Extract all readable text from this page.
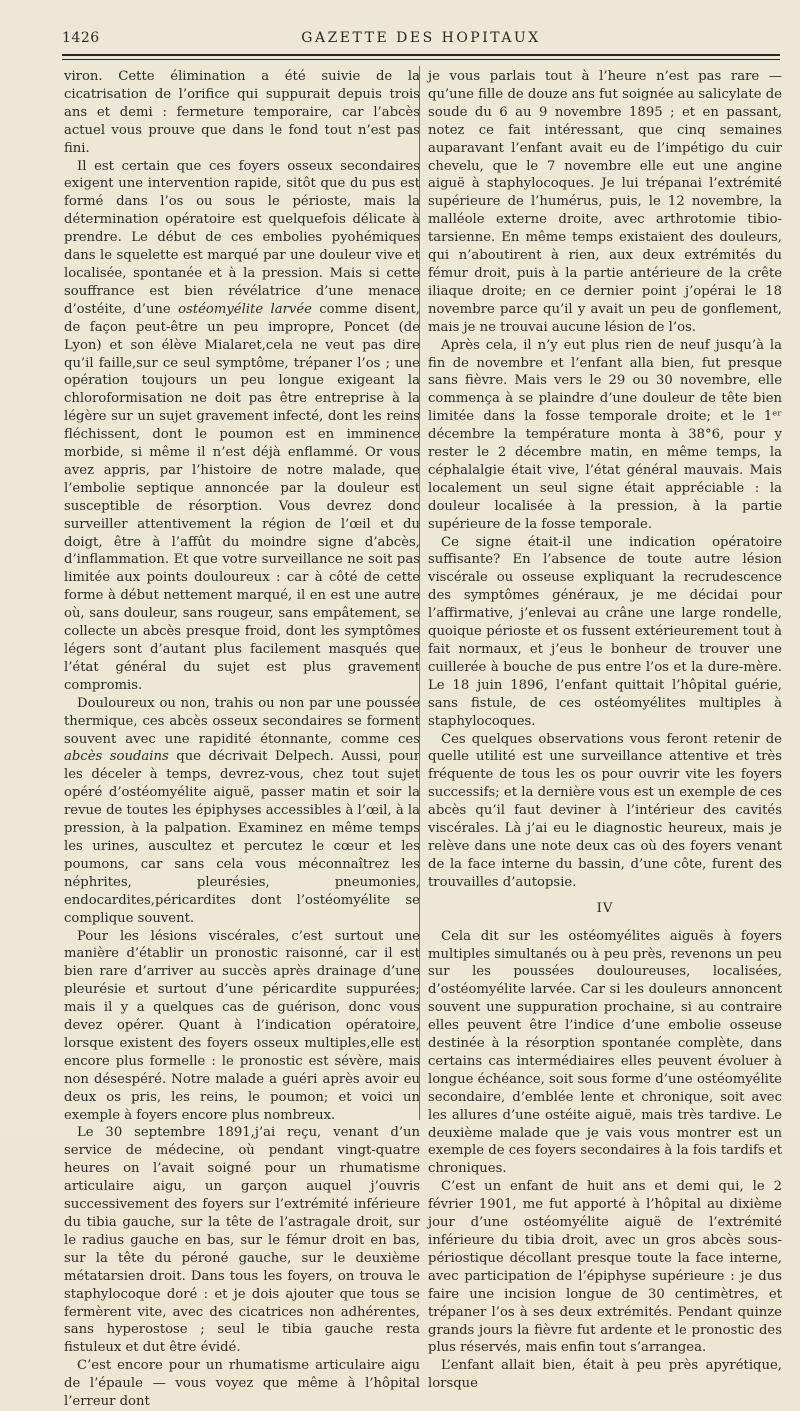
1426	GAZETTE DES HOPITAUX

viron. Cette élimination a été suivie de la cicatrisation de l’orifice qui suppurait depuis trois ans et demi : fermeture temporaire, car l’abcès actuel vous prouve que dans le fond tout n’est pas fini.

Il est certain que ces foyers osseux secondaires exigent une intervention rapide, sitôt que du pus est formé dans l’os ou sous le périoste, mais la détermination opératoire est quelquefois délicate à prendre. Le début de ces embolies pyohémiques dans le squelette est marqué par une douleur vive et localisée, spontanée et à la pression. Mais si cette souffrance est bien révélatrice d’une menace d’ostéite, d’une ostéomyélite larvée comme disent, de façon peut-être un peu impropre, Poncet (de Lyon) et son élève Mialaret,cela ne veut pas dire qu’il faille,sur ce seul symptôme, trépaner l’os ; une opération toujours un peu longue exigeant la chloroformisation ne doit pas être entreprise à la légère sur un sujet gravement infecté, dont les reins fléchissent, dont le poumon est en imminence morbide, si même il n’est déjà enflammé. Or vous avez appris, par l’histoire de notre malade, que l’embolie septique annoncée par la douleur est susceptible de résorption. Vous devrez donc surveiller attentivement la région de l’œil et du doigt, être à l’affût du moindre signe d’abcès, d’inflammation. Et que votre surveillance ne soit pas limitée aux points douloureux : car à côté de cette forme à début nettement marqué, il en est une autre où, sans douleur, sans rougeur, sans empâtement, se collecte un abcès presque froid, dont les symptômes légers sont d’autant plus facilement masqués que l’état général du sujet est plus gravement compromis.

Douloureux ou non, trahis ou non par une poussée thermique, ces abcès osseux secondaires se forment souvent avec une rapidité étonnante, comme ces abcès soudains que décrivait Delpech. Aussi, pour les déceler à temps, devrez-vous, chez tout sujet opéré d’ostéomyélite aiguë, passer matin et soir la revue de toutes les épiphyses accessibles à l’œil, à la pression, à la palpation. Examinez en même temps les urines, auscultez et percutez le cœur et les poumons, car sans cela vous méconnaîtrez les néphrites, pleurésies, pneumonies, endocardites,péricardites dont l’ostéomyélite se complique souvent.

Pour les lésions viscérales, c’est surtout une manière d’établir un pronostic raisonné, car il est bien rare d’arriver au succès après drainage d’une pleurésie et surtout d’une péricardite suppurées; mais il y a quelques cas de guérison, donc vous devez opérer. Quant à l’indication opératoire, lorsque existent des foyers osseux multiples,elle est encore plus formelle : le pronostic est sévère, mais non désespéré. Notre malade a guéri après avoir eu deux os pris, les reins, le poumon; et voici un exemple à foyers encore plus nombreux.

Le 30 septembre 1891,j’ai reçu, venant d’un service de médecine, où pendant vingt-quatre heures on l’avait soigné pour un rhumatisme articulaire aigu, un garçon auquel j’ouvris successivement des foyers sur l’extrémité inférieure du tibia gauche, sur la tête de l’astragale droit, sur le radius gauche en bas, sur le fémur droit en bas, sur la tête du péroné gauche, sur le deuxième métatarsien droit. Dans tous les foyers, on trouva le staphylocoque doré : et je dois ajouter que tous se fermèrent vite, avec des cicatrices non adhérentes, sans hyperostose ; seul le tibia gauche resta fistuleux et dut être évidé.

C’est encore pour un rhumatisme articulaire aigu de l’épaule — vous voyez que même à l’hôpital l’erreur dont

je vous parlais tout à l’heure n’est pas rare — qu’une fille de douze ans fut soignée au salicylate de soude du 6 au 9 novembre 1895 ; et en passant, notez ce fait intéressant, que cinq semaines auparavant l’enfant avait eu de l’impétigo du cuir chevelu, que le 7 novembre elle eut une angine aiguë à staphylocoques. Je lui trépanai l’extrémité supérieure de l’humérus, puis, le 12 novembre, la malléole externe droite, avec arthrotomie tibio-tarsienne. En même temps existaient des douleurs, qui n’aboutirent à rien, aux deux extrémités du fémur droit, puis à la partie antérieure de la crête iliaque droite; en ce dernier point j’opérai le 18 novembre parce qu’il y avait un peu de gonflement, mais je ne trouvai aucune lésion de l’os.

Après cela, il n’y eut plus rien de neuf jusqu’à la fin de novembre et l’enfant alla bien, fut presque sans fièvre. Mais vers le 29 ou 30 novembre, elle commença à se plaindre d’une douleur de tête bien limitée dans la fosse temporale droite; et le 1ᵉʳ décembre la température monta à 38°6, pour y rester le 2 décembre matin, en même temps, la céphalalgie était vive, l’état général mauvais. Mais localement un seul signe était appréciable : la douleur localisée à la pression, à la partie supérieure de la fosse temporale.

Ce signe était-il une indication opératoire suffisante? En l’absence de toute autre lésion viscérale ou osseuse expliquant la recrudescence des symptômes généraux, je me décidai pour l’affirmative, j’enlevai au crâne une large rondelle, quoique périoste et os fussent extérieurement tout à fait normaux, et j’eus le bonheur de trouver une cuillerée à bouche de pus entre l’os et la dure-mère. Le 18 juin 1896, l’enfant quittait l’hôpital guérie, sans fistule, de ces ostéomyélites multiples à staphylocoques.

Ces quelques observations vous feront retenir de quelle utilité est une surveillance attentive et très fréquente de tous les os pour ouvrir vite les foyers successifs; et la dernière vous est un exemple de ces abcès qu’il faut deviner à l’intérieur des cavités viscérales. Là j’ai eu le diagnostic heureux, mais je relève dans une note deux cas où des foyers venant de la face interne du bassin, d’une côte, furent des trouvailles d’autopsie.

IV

Cela dit sur les ostéomyélites aiguës à foyers multiples simultanés ou à peu près, revenons un peu sur les poussées douloureuses, localisées, d’ostéomyélite larvée. Car si les douleurs annoncent souvent une suppuration prochaine, si au contraire elles peuvent être l’indice d’une embolie osseuse destinée à la résorption spontanée complète, dans certains cas intermédiaires elles peuvent évoluer à longue échéance, soit sous forme d’une ostéomyélite secondaire, d’emblée lente et chronique, soit avec les allures d’une ostéite aiguë, mais très tardive. Le deuxième malade que je vais vous montrer est un exemple de ces foyers secondaires à la fois tardifs et chroniques.

C’est un enfant de huit ans et demi qui, le 2 février 1901, me fut apporté à l’hôpital au dixième jour d’une ostéomyélite aiguë de l’extrémité inférieure du tibia droit, avec un gros abcès sous-périostique décollant presque toute la face interne, avec participation de l’épiphyse supérieure : je dus faire une incision longue de 30 centimètres, et trépaner l’os à ses deux extrémités. Pendant quinze grands jours la fièvre fut ardente et le pronostic des plus réservés, mais enfin tout s’arrangea.

L’enfant allait bien, était à peu près apyrétique, lorsque
